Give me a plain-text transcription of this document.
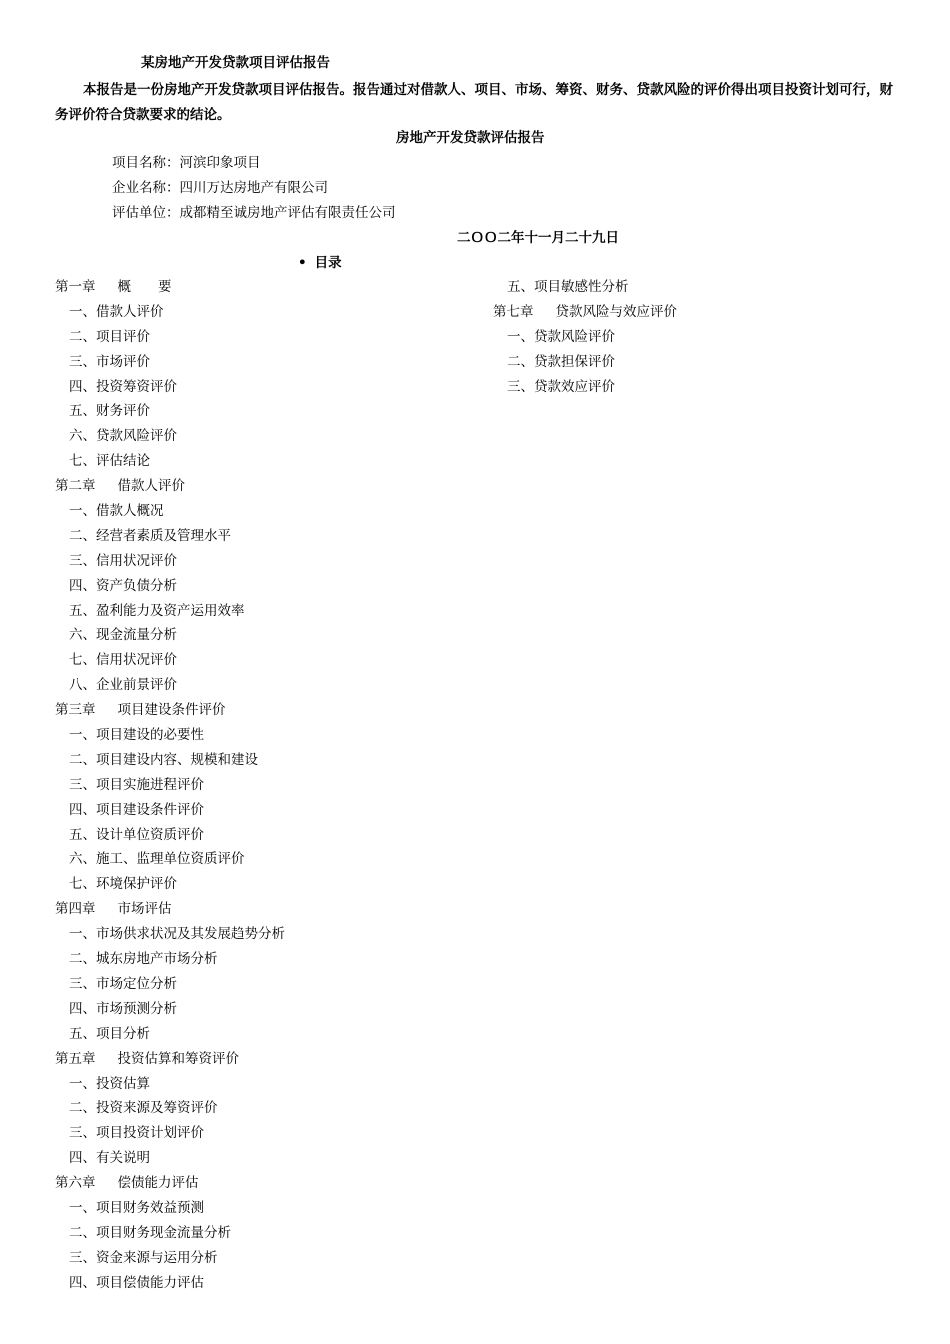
某房地产开发贷款项目评估报告
本报告是一份房地产开发贷款项目评估报告。报告通过对借款人、项目、市场、筹资、财务、贷款风险的评价得出项目投资计划可行，财务评价符合贷款要求的结论。
房地产开发贷款评估报告
项目名称：河滨印象项目
企业名称：四川万达房地产有限公司
评估单位：成都精至诚房地产评估有限责任公司
二ＯＯ二年十一月二十九日
• 目录
第一章 概　　要
一、借款人评价
二、项目评价
三、市场评价
四、投资筹资评价
五、财务评价
六、贷款风险评价
七、评估结论
第二章 借款人评价
一、借款人概况
二、经营者素质及管理水平
三、信用状况评价
四、资产负债分析
五、盈利能力及资产运用效率
六、现金流量分析
七、信用状况评价
八、企业前景评价
第三章 项目建设条件评价
一、项目建设的必要性
二、项目建设内容、规模和建设
三、项目实施进程评价
四、项目建设条件评价
五、设计单位资质评价
六、施工、监理单位资质评价
七、环境保护评价
第四章 市场评估
一、市场供求状况及其发展趋势分析
二、城东房地产市场分析
三、市场定位分析
四、市场预测分析
五、项目分析
第五章 投资估算和筹资评价
一、投资估算
二、投资来源及筹资评价
三、项目投资计划评价
四、有关说明
第六章 偿债能力评估
一、项目财务效益预测
二、项目财务现金流量分析
三、资金来源与运用分析
四、项目偿债能力评估
五、项目敏感性分析
第七章 贷款风险与效应评价
一、贷款风险评价
二、贷款担保评价
三、贷款效应评价
